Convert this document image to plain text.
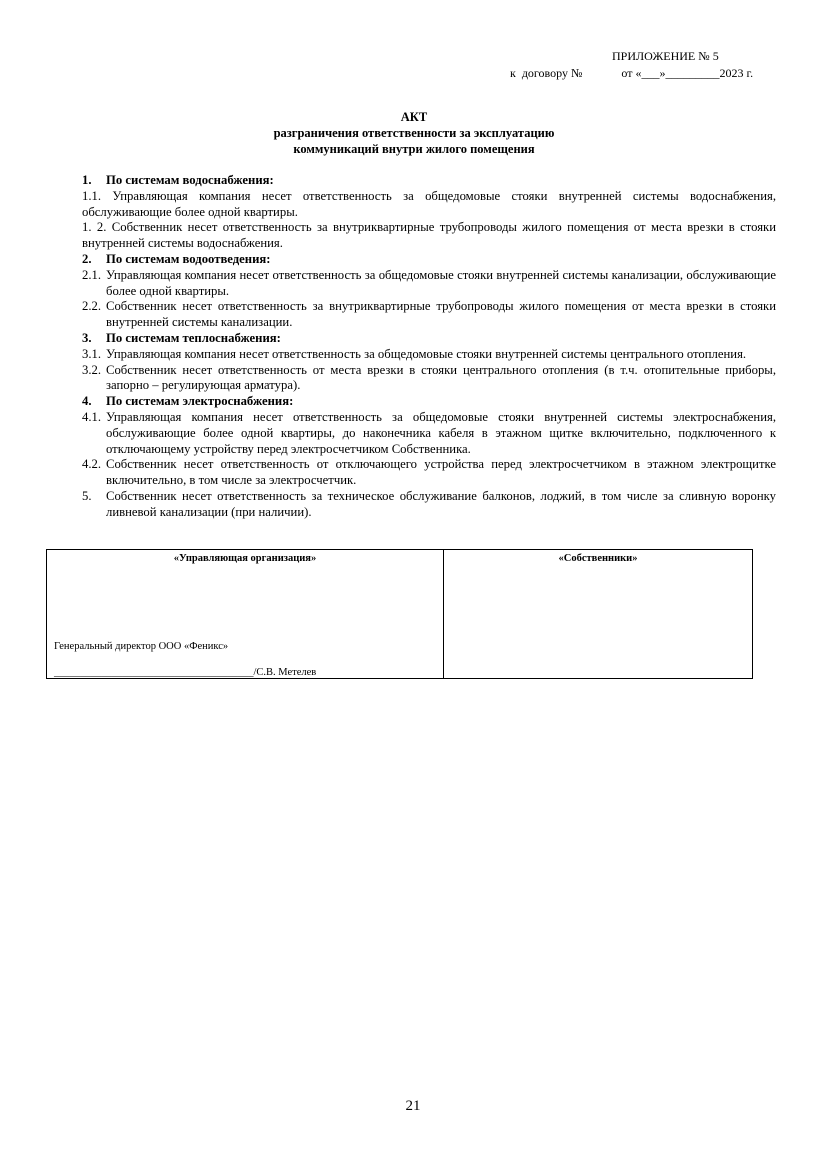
ПРИЛОЖЕНИЕ № 5
к  договору №             от «___»_________2023 г.
АКТ
разграничения ответственности за эксплуатацию
коммуникаций внутри жилого помещения
1.	По системам водоснабжения:

1.1. Управляющая компания несет ответственность за общедомовые стояки внутренней системы водоснабжения, обслуживающие более одной квартиры.

1. 2. Собственник несет ответственность за внутриквартирные трубопроводы жилого помещения от места врезки в стояки внутренней системы водоснабжения.

2.	По системам водоотведения:
2.1. Управляющая компания несет ответственность за общедомовые стояки внутренней системы канализации, обслуживающие более одной квартиры.
2.2. Собственник несет ответственность за внутриквартирные трубопроводы жилого помещения от места врезки в стояки внутренней системы канализации.
3.	По системам теплоснабжения:
3.1. Управляющая компания несет ответственность за общедомовые стояки внутренней системы центрального отопления.
3.2. Собственник несет ответственность от места врезки в стояки центрального отопления (в т.ч. отопительные приборы, запорно – регулирующая арматура).
4.	По системам электроснабжения:
4.1. Управляющая компания несет ответственность за общедомовые стояки внутренней системы электроснабжения, обслуживающие более одной квартиры, до наконечника кабеля в этажном щитке включительно, подключенного к отключающему устройству перед электросчетчиком Собственника.
4.2. Собственник несет ответственность от отключающего устройства перед электросчетчиком в этажном электрощитке включительно, в том числе за электросчетчик.
5.	Собственник несет ответственность за техническое обслуживание балконов, лоджий, в том числе за сливную воронку ливневой канализации (при наличии).
«Управляющая организация»
Генеральный директор ООО «Феникс»
______________________________________/С.В. Метелев
«Собственники»
21
